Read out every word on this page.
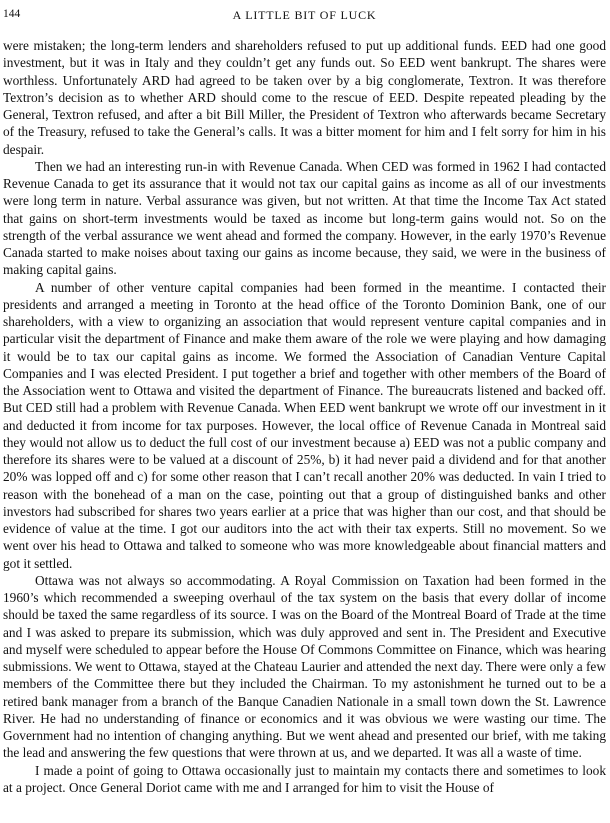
144	A LITTLE BIT OF LUCK

were mistaken; the long-term lenders and shareholders refused to put up additional funds. EED had one good investment, but it was in Italy and they couldn’t get any funds out. So EED went bankrupt. The shares were worthless. Unfortunately ARD had agreed to be taken over by a big conglomerate, Textron. It was therefore Textron’s decision as to whether ARD should come to the rescue of EED. Despite repeated pleading by the General, Textron refused, and after a bit Bill Miller, the President of Textron who afterwards became Secretary of the Treasury, refused to take the General’s calls. It was a bitter moment for him and I felt sorry for him in his despair.

Then we had an interesting run-in with Revenue Canada. When CED was formed in 1962 I had contacted Revenue Canada to get its assurance that it would not tax our capital gains as income as all of our investments were long term in nature. Verbal assurance was given, but not written. At that time the Income Tax Act stated that gains on short-term investments would be taxed as income but long-term gains would not. So on the strength of the verbal assurance we went ahead and formed the company. However, in the early 1970’s Revenue Canada started to make noises about taxing our gains as income because, they said, we were in the business of making capital gains.

A number of other venture capital companies had been formed in the meantime. I contacted their presidents and arranged a meeting in Toronto at the head office of the Toronto Dominion Bank, one of our shareholders, with a view to organizing an association that would represent venture capital companies and in particular visit the department of Finance and make them aware of the role we were playing and how damaging it would be to tax our capital gains as income. We formed the Association of Canadian Venture Capital Companies and I was elected President. I put together a brief and together with other members of the Board of the Association went to Ottawa and visited the department of Finance. The bureaucrats listened and backed off. But CED still had a problem with Revenue Canada. When EED went bankrupt we wrote off our investment in it and deducted it from income for tax purposes. However, the local office of Revenue Canada in Montreal said they would not allow us to deduct the full cost of our investment because a) EED was not a public company and therefore its shares were to be valued at a discount of 25%, b) it had never paid a dividend and for that another 20% was lopped off and c) for some other reason that I can’t recall another 20% was deducted. In vain I tried to reason with the bonehead of a man on the case, pointing out that a group of distinguished banks and other investors had subscribed for shares two years earlier at a price that was higher than our cost, and that should be evidence of value at the time. I got our auditors into the act with their tax experts. Still no movement. So we went over his head to Ottawa and talked to someone who was more knowledgeable about financial matters and got it settled.

Ottawa was not always so accommodating. A Royal Commission on Taxation had been formed in the 1960’s which recommended a sweeping overhaul of the tax system on the basis that every dollar of income should be taxed the same regardless of its source. I was on the Board of the Montreal Board of Trade at the time and I was asked to prepare its submission, which was duly approved and sent in. The President and Executive and myself were scheduled to appear before the House Of Commons Committee on Finance, which was hearing submissions. We went to Ottawa, stayed at the Chateau Laurier and attended the next day. There were only a few members of the Committee there but they included the Chairman. To my astonishment he turned out to be a retired bank manager from a branch of the Banque Canadien Nationale in a small town down the St. Lawrence River. He had no understanding of finance or economics and it was obvious we were wasting our time. The Government had no intention of changing anything. But we went ahead and presented our brief, with me taking the lead and answering the few questions that were thrown at us, and we departed. It was all a waste of time.

I made a point of going to Ottawa occasionally just to maintain my contacts there and sometimes to look at a project. Once General Doriot came with me and I arranged for him to visit the House of
